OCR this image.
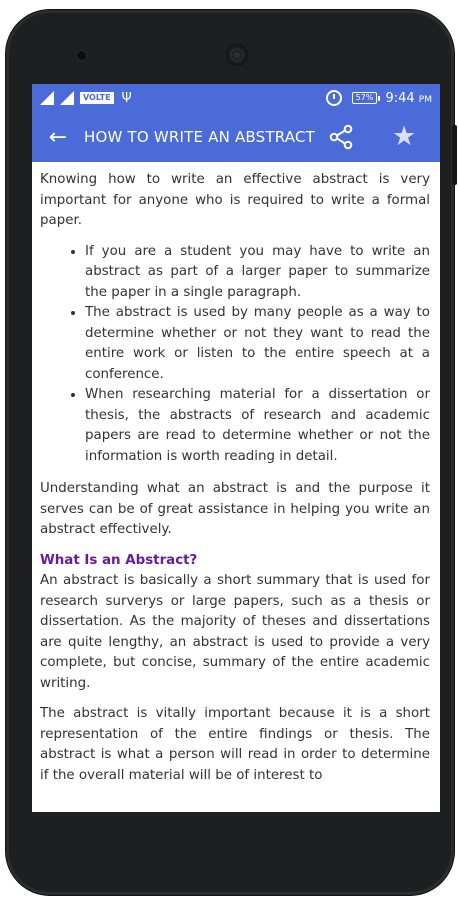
VOLTE Ψ	57% 9:44 PM
←	HOW TO WRITE AN ABSTRACT	★

Knowing how to write an effective abstract is very important for anyone who is required to write a formal paper.

• If you are a student you may have to write an abstract as part of a larger paper to summarize the paper in a single paragraph.
• The abstract is used by many people as a way to determine whether or not they want to read the entire work or listen to the entire speech at a conference.
• When researching material for a dissertation or thesis, the abstracts of research and academic papers are read to determine whether or not the information is worth reading in detail.

Understanding what an abstract is and the purpose it serves can be of great assistance in helping you write an abstract effectively.

What Is an Abstract?

An abstract is basically a short summary that is used for research surverys or large papers, such as a thesis or dissertation. As the majority of theses and dissertations are quite lengthy, an abstract is used to provide a very complete, but concise, summary of the entire academic writing.

The abstract is vitally important because it is a short representation of the entire findings or thesis. The abstract is what a person will read in order to determine if the overall material will be of interest to
